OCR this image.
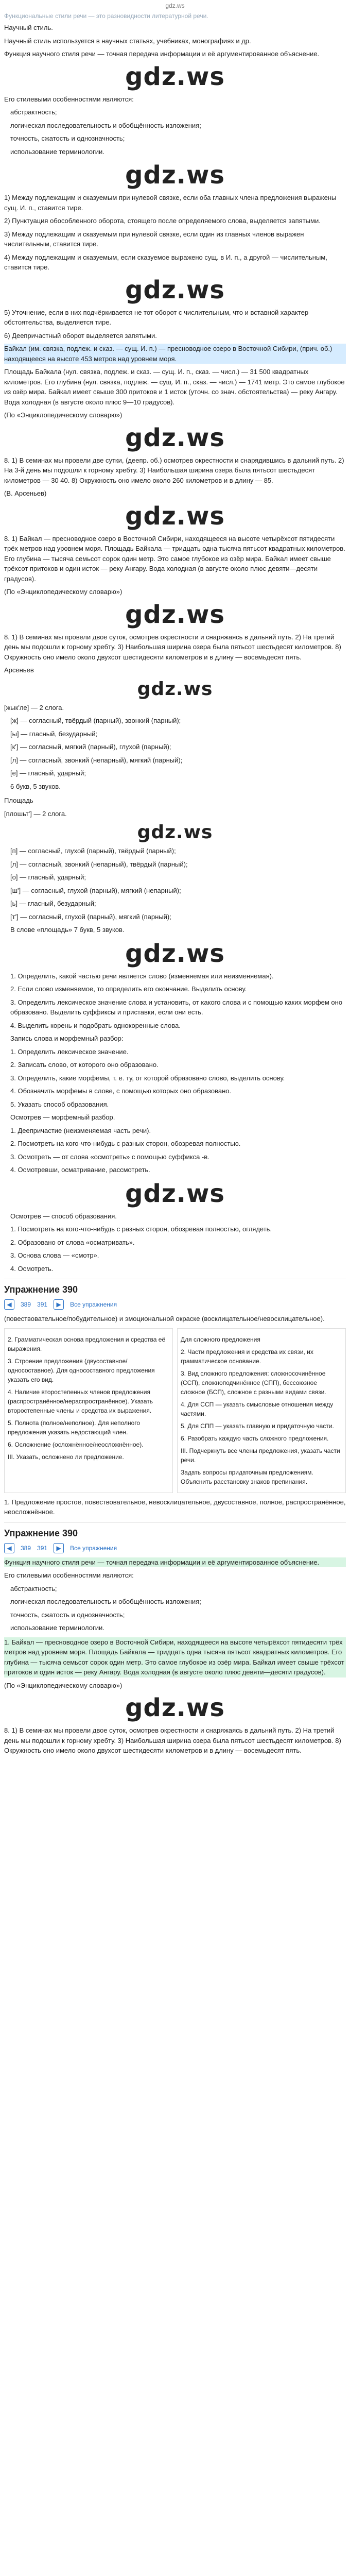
gdz.ws
Функциональные стили речи — это разновидности литературной речи.
Научный стиль.
Научный стиль используется в научных статьях, учебниках, монографиях и др.
Функция научного стиля речи — точная передача информации и её аргументированное объяснение.
gdz.ws
Его стилевыми особенностями являются:
абстрактность;
логическая последовательность и обобщённость изложения;
точность, сжатость и однозначность;
использование терминологии.
gdz.ws
1) Между подлежащим и сказуемым при нулевой связке, если оба главных члена предложения выражены сущ. И. п., ставится тире.
2) Пунктуация обособленного оборота, стоящего после определяемого слова, выделяется запятыми.
3) Между подлежащим и сказуемым при нулевой связке, если один из главных членов выражен числительным, ставится тире.
4) Между подлежащим и сказуемым, если сказуемое выражено сущ. в И. п., а другой — числительным, ставится тире.
gdz.ws
5) Уточнение, если в них подчёркивается не тот оборот с числительным, что и вставной характер обстоятельства, выделяется тире.
6) Деепричастный оборот выделяется запятыми.
Байкал (им. связка, подлеж. и сказ. — сущ. И. п.) — пресноводное озеро в Восточной Сибири, (прич. об.) находящееся на высоте 453 метров над уровнем моря.
Площадь Байкала (нул. связка, подлеж. и сказ. — сущ. И. п., сказ. — числ.) — 31 500 квадратных километров. Его глубина (нул. связка, подлеж. — сущ. И. п., сказ. — числ.) — 1741 метр. Это самое глубокое из озёр мира. Байкал имеет свыше 300 притоков и 1 исток (уточн. со знач. обстоятельства) — реку Ангару. Вода холодная (в августе около плюс 9—10 градусов).
(По «Энциклопедическому словарю»)
gdz.ws
8. 1) В семинах мы провели две сутки, (деепр. об.) осмотрев окрестности и снарядившись в дальний путь. 2) На 3-й день мы подошли к горному хребту. 3) Наибольшая ширина озера была пятьсот шестьдесят километров — 30 40. 8) Окружность оно имело около 260 километров и в длину — 85.
(В. Арсеньев)
gdz.ws
8. 1) Байкал — пресноводное озеро в Восточной Сибири, находящееся на высоте четырёхсот пятидесяти трёх метров над уровнем моря. Площадь Байкала — тридцать одна тысяча пятьсот квадратных километров. Его глубина — тысяча семьсот сорок один метр. Это самое глубокое из озёр мира. Байкал имеет свыше трёхсот притоков и один исток — реку Ангару. Вода холодная (в августе около плюс девяти—десяти градусов).
(По «Энциклопедическому словарю»)
gdz.ws
8. 1) В семинах мы провели двое суток, осмотрев окрестности и снаряжаясь в дальний путь. 2) На третий день мы подошли к горному хребту. 3) Наибольшая ширина озера была пятьсот шестьдесят километров. 8) Окружность оно имело около двухсот шестидесяти километров и в длину — восемьдесят пять.
Арсеньев
gdz.ws
[жык'ле] — 2 слога.
[ж] — согласный, твёрдый (парный), звонкий (парный);
[ы] — гласный, безударный;
[к'] — согласный, мягкий (парный), глухой (парный);
[л] — согласный, звонкий (непарный), мягкий (парный);
[е] — гласный, ударный;
6 букв, 5 звуков.
Площадь
[плошьт'] — 2 слога.
gdz.ws
[п] — согласный, глухой (парный), твёрдый (парный);
[л] — согласный, звонкий (непарный), твёрдый (парный);
[о] — гласный, ударный;
[ш'] — согласный, глухой (парный), мягкий (непарный);
[ь] — гласный, безударный;
[т'] — согласный, глухой (парный), мягкий (парный);
В слове «площадь» 7 букв, 5 звуков.
gdz.ws
1. Определить, какой частью речи является слово (изменяемая или неизменяемая).
2. Если слово изменяемое, то определить его окончание. Выделить основу.
3. Определить лексическое значение слова и установить, от какого слова и с помощью каких морфем оно образовано. Выделить суффиксы и приставки, если они есть.
4. Выделить корень и подобрать однокоренные слова.
Запись слова и морфемный разбор:
1. Определить лексическое значение.
2. Записать слово, от которого оно образовано.
3. Определить, какие морфемы, т. е. ту, от которой образовано слово, выделить основу.
4. Обозначить морфемы в слове, с помощью которых оно образовано.
5. Указать способ образования.
Осмотрев — морфемный разбор.
1. Деепричастие (неизменяемая часть речи).
2. Посмотреть на кого-что-нибудь с разных сторон, обозревая полностью.
3. Осмотреть — от слова «осмотреть» с помощью суффикса -в.
4. Осмотревши, осматривание, рассмотреть.
gdz.ws
Осмотрев — способ образования.
1. Посмотреть на кого-что-нибудь с разных сторон, обозревая полностью, оглядеть.
2. Образовано от слова «осматривать».
3. Основа слова — «смотр».
4. Осмотреть.
Упражнение 390
◀	389 391	▶	Все упражнения
(повествовательное/побудительное) и эмоциональной окраске (восклицательное/невосклицательное).
2. Грамматическая основа предложения и средства её выражения.
3. Строение предложения (двусоставное/односоставное). Для односоставного предложения указать его вид.
4. Наличие второстепенных членов предложения (распространённое/нераспространённое). Указать второстепенные члены и средства их выражения.
5. Полнота (полное/неполное). Для неполного предложения указать недостающий член.
6. Осложнение (осложнённое/неосложнённое).
III. Указать, осложнено ли предложение.
Для сложного предложения
2. Части предложения и средства их связи, их грамматическое основание.
3. Вид сложного предложения: сложносочинённое (ССП), сложноподчинённое (СПП), бессоюзное сложное (БСП), сложное с разными видами связи.
4. Для ССП — указать смысловые отношения между частями.
5. Для СПП — указать главную и придаточную части.
6. Разобрать каждую часть сложного предложения.
III. Подчеркнуть все члены предложения, указать части речи.
Задать вопросы придаточным предложениям. Объяснить расстановку знаков препинания.
1. Предложение простое, повествовательное, невосклицательное, двусоставное, полное, распространённое, неосложнённое.
Упражнение 390
◀	389 391	▶	Все упражнения
Функция научного стиля речи — точная передача информации и её аргументированное объяснение.
Его стилевыми особенностями являются:
абстрактность;
логическая последовательность и обобщённость изложения;
точность, сжатость и однозначность;
использование терминологии.
1. Байкал — пресноводное озеро в Восточной Сибири, находящееся на высоте четырёхсот пятидесяти трёх метров над уровнем моря. Площадь Байкала — тридцать одна тысяча пятьсот квадратных километров. Его глубина — тысяча семьсот сорок один метр. Это самое глубокое из озёр мира. Байкал имеет свыше трёхсот притоков и один исток — реку Ангару. Вода холодная (в августе около плюс девяти—десяти градусов).
(По «Энциклопедическому словарю»)
gdz.ws
8. 1) В семинах мы провели двое суток, осмотрев окрестности и снаряжаясь в дальний путь. 2) На третий день мы подошли к горному хребту. 3) Наибольшая ширина озера была пятьсот шестьдесят километров. 8) Окружность оно имело около двухсот шестидесяти километров и в длину — восемьдесят пять.
